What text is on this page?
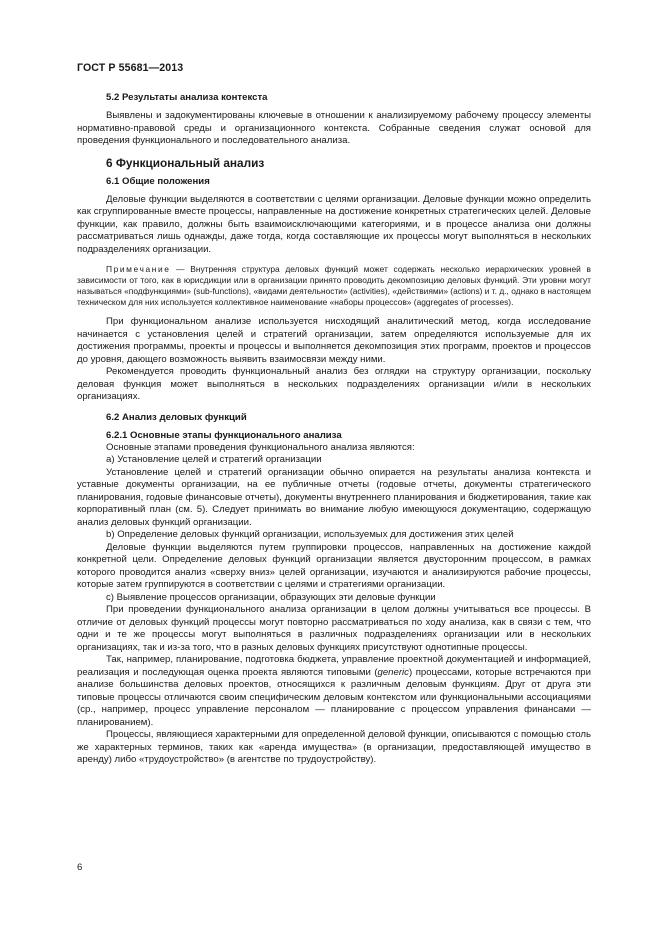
ГОСТ Р 55681—2013
5.2 Результаты анализа контекста

Выявлены и задокументированы ключевые в отношении к анализируемому рабочему процессу элементы нормативно-правовой среды и организационного контекста. Собранные сведения служат основой для проведения функционального и последовательного анализа.

6 Функциональный анализ
6.1 Общие положения

Деловые функции выделяются в соответствии с целями организации. Деловые функции можно определить как сгруппированные вместе процессы, направленные на достижение конкретных стратегических целей. Деловые функции, как правило, должны быть взаимоисключающими категориями, и в процессе анализа они должны рассматриваться лишь однажды, даже тогда, когда составляющие их процессы могут выполняться в нескольких подразделениях организации.

Примечание — Внутренняя структура деловых функций может содержать несколько иерархических уровней в зависимости от того, как в юрисдикции или в организации принято проводить декомпозицию деловых функций. Эти уровни могут называться «подфункциями» (sub-functions), «видами деятельности» (activities), «действиями» (actions) и т. д., однако в настоящем техническом для них используется коллективное наименование «наборы процессов» (aggregates of processes).

При функциональном анализе используется нисходящий аналитический метод, когда исследование начинается с установления целей и стратегий организации, затем определяются используемые для их достижения программы, проекты и процессы и выполняется декомпозиция этих программ, проектов и процессов до уровня, дающего возможность выявить взаимосвязи между ними.

Рекомендуется проводить функциональный анализ без оглядки на структуру организации, поскольку деловая функция может выполняться в нескольких подразделениях организации и/или в нескольких организациях.

6.2 Анализ деловых функций
6.2.1 Основные этапы функционального анализа

Основные этапами проведения функционального анализа являются:

а) Установление целей и стратегий организации

Установление целей и стратегий организации обычно опирается на результаты анализа контекста и уставные документы организации, на ее публичные отчеты (годовые отчеты, документы стратегического планирования, годовые финансовые отчеты), документы внутреннего планирования и бюджетирования, такие как корпоративный план (см. 5). Следует принимать во внимание любую имеющуюся документацию, содержащую анализ деловых функций организации.

b) Определение деловых функций организации, используемых для достижения этих целей

Деловые функции выделяются путем группировки процессов, направленных на достижение каждой конкретной цели. Определение деловых функций организации является двусторонним процессом, в рамках которого проводится анализ «сверху вниз» целей организации, изучаются и анализируются рабочие процессы, которые затем группируются в соответствии с целями и стратегиями организации.

с) Выявление процессов организации, образующих эти деловые функции

При проведении функционального анализа организации в целом должны учитываться все процессы. В отличие от деловых функций процессы могут повторно рассматриваться по ходу анализа, как в связи с тем, что одни и те же процессы могут выполняться в различных подразделениях организации или в нескольких организациях, так и из-за того, что в разных деловых функциях присутствуют однотипные процессы.

Так, например, планирование, подготовка бюджета, управление проектной документацией и информацией, реализация и последующая оценка проекта являются типовыми (generic) процессами, которые встречаются при анализе большинства деловых проектов, относящихся к различным деловым функциям. Друг от друга эти типовые процессы отличаются своим специфическим деловым контекстом или функциональными ассоциациями (ср., например, процесс управление персоналом — планирование с процессом управления финансами — планированием).

Процессы, являющиеся характерными для определенной деловой функции, описываются с помощью столь же характерных терминов, таких как «аренда имущества» (в организации, предоставляющей имущество в аренду) либо «трудоустройство» (в агентстве по трудоустройству).

6
